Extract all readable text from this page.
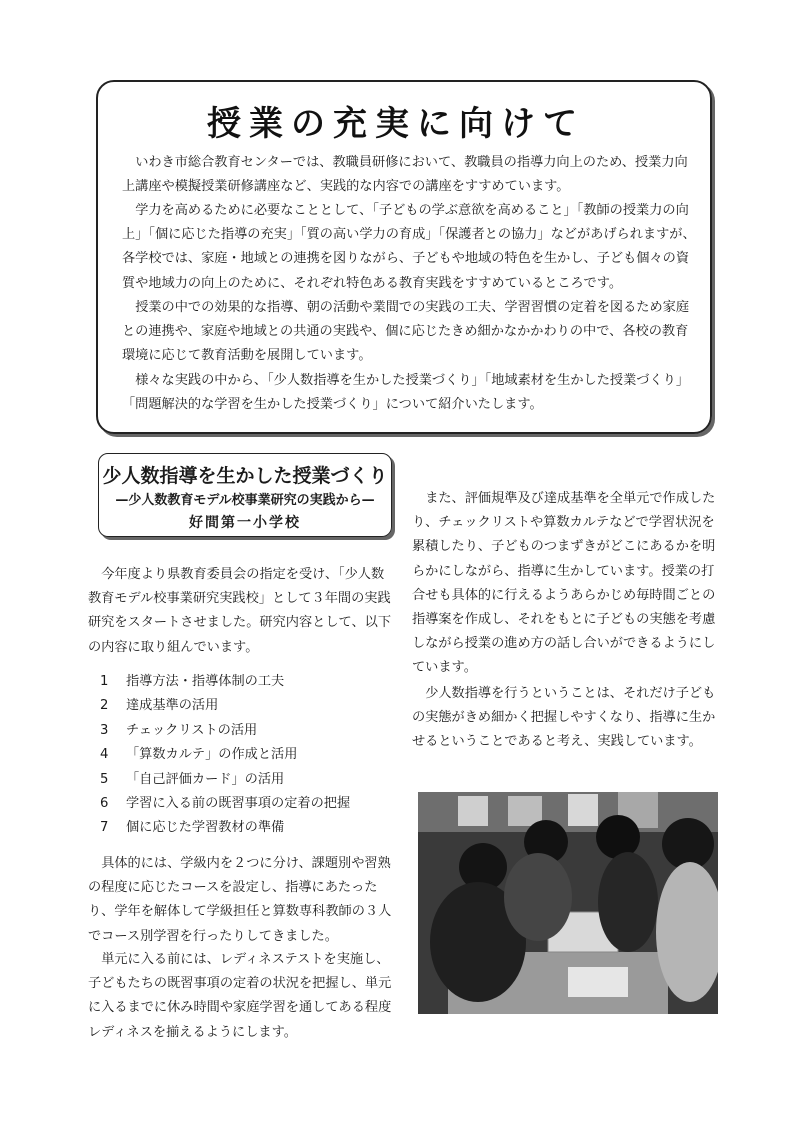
授業の充実に向けて

いわき市総合教育センターでは、教職員研修において、教職員の指導力向上のため、授業力向上講座や模擬授業研修講座など、実践的な内容での講座をすすめています。

学力を高めるために必要なこととして、「子どもの学ぶ意欲を高めること」「教師の授業力の向上」「個に応じた指導の充実」「質の高い学力の育成」「保護者との協力」などがあげられますが、各学校では、家庭・地域との連携を図りながら、子どもや地域の特色を生かし、子ども個々の資質や地域力の向上のために、それぞれ特色ある教育実践をすすめているところです。

授業の中での効果的な指導、朝の活動や業間での実践の工夫、学習習慣の定着を図るため家庭との連携や、家庭や地域との共通の実践や、個に応じたきめ細かなかかわりの中で、各校の教育環境に応じて教育活動を展開しています。

様々な実践の中から、「少人数指導を生かした授業づくり」「地域素材を生かした授業づくり」「問題解決的な学習を生かした授業づくり」について紹介いたします。

少人数指導を生かした授業づくり
—少人数教育モデル校事業研究の実践から—
好間第一小学校

今年度より県教育委員会の指定を受け、「少人数教育モデル校事業研究実践校」として３年間の実践研究をスタートさせました。研究内容として、以下の内容に取り組んでいます。

1	指導方法・指導体制の工夫
2	達成基準の活用
3	チェックリストの活用
4	「算数カルテ」の作成と活用
5	「自己評価カード」の活用
6	学習に入る前の既習事項の定着の把握
7	個に応じた学習教材の準備

具体的には、学級内を２つに分け、課題別や習熟の程度に応じたコースを設定し、指導にあたったり、学年を解体して学級担任と算数専科教師の３人でコース別学習を行ったりしてきました。

単元に入る前には、レディネステストを実施し、子どもたちの既習事項の定着の状況を把握し、単元に入るまでに休み時間や家庭学習を通してある程度レディネスを揃えるようにします。

また、評価規準及び達成基準を全単元で作成したり、チェックリストや算数カルテなどで学習状況を累積したり、子どものつまずきがどこにあるかを明らかにしながら、指導に生かしています。授業の打合せも具体的に行えるようあらかじめ毎時間ごとの指導案を作成し、それをもとに子どもの実態を考慮しながら授業の進め方の話し合いができるようにしています。

少人数指導を行うということは、それだけ子どもの実態がきめ細かく把握しやすくなり、指導に生かせるということであると考え、実践しています。
